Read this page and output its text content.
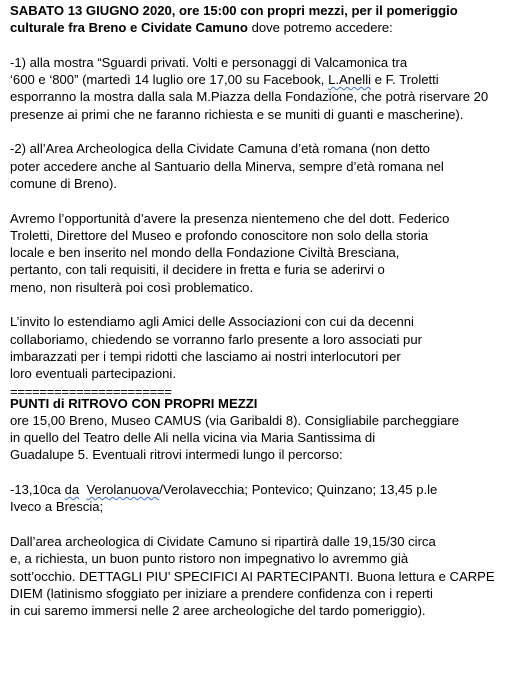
SABATO 13 GIUGNO 2020, ore 15:00 con propri mezzi, per il pomeriggio
culturale fra Breno e Cividate Camuno dove potremo accedere:
-1) alla mostra “Sguardi privati. Volti e personaggi di Valcamonica tra
‘600 e ‘800” (martedì 14 luglio ore 17,00 su Facebook, L.Anelli e F. Troletti
esporranno la mostra dalla sala M.Piazza della Fondazione, che potrà riservare 20
presenze ai primi che ne faranno richiesta e se muniti di guanti e mascherine).
-2) all’Area Archeologica della Cividate Camuna d’età romana (non detto
poter accedere anche al Santuario della Minerva, sempre d’età romana nel
comune di Breno).
Avremo l’opportunità d’avere la presenza nientemeno che del dott. Federico
Troletti, Direttore del Museo e profondo conoscitore non solo della storia
locale e ben inserito nel mondo della Fondazione Civiltà Bresciana,
pertanto, con tali requisiti, il decidere in fretta e furia se aderirvi o
meno, non risulterà poi così problematico.
L’invito lo estendiamo agli Amici delle Associazioni con cui da decenni
collaboriamo, chiedendo se vorranno farlo presente a loro associati pur
imbarazzati per i tempi ridotti che lasciamo ai nostri interlocutori per
loro eventuali partecipazioni.
======================
PUNTI di RITROVO CON PROPRI MEZZI
ore 15,00 Breno, Museo CAMUS (via Garibaldi 8). Consigliabile parcheggiare
in quello del Teatro delle Ali nella vicina via Maria Santissima di
Guadalupe 5. Eventuali ritrovi intermedi lungo il percorso:
-13,10ca da Verolanuova/Verolavecchia; Pontevico; Quinzano; 13,45 p.le
Iveco a Brescia;
Dall’area archeologica di Cividate Camuno si ripartirà dalle 19,15/30 circa
e, a richiesta, un buon punto ristoro non impegnativo lo avremmo già
sott’occhio. DETTAGLI PIU’ SPECIFICI AI PARTECIPANTI. Buona lettura e CARPE
DIEM (latinismo sfoggiato per iniziare a prendere confidenza con i reperti
in cui saremo immersi nelle 2 aree archeologiche del tardo pomeriggio).
